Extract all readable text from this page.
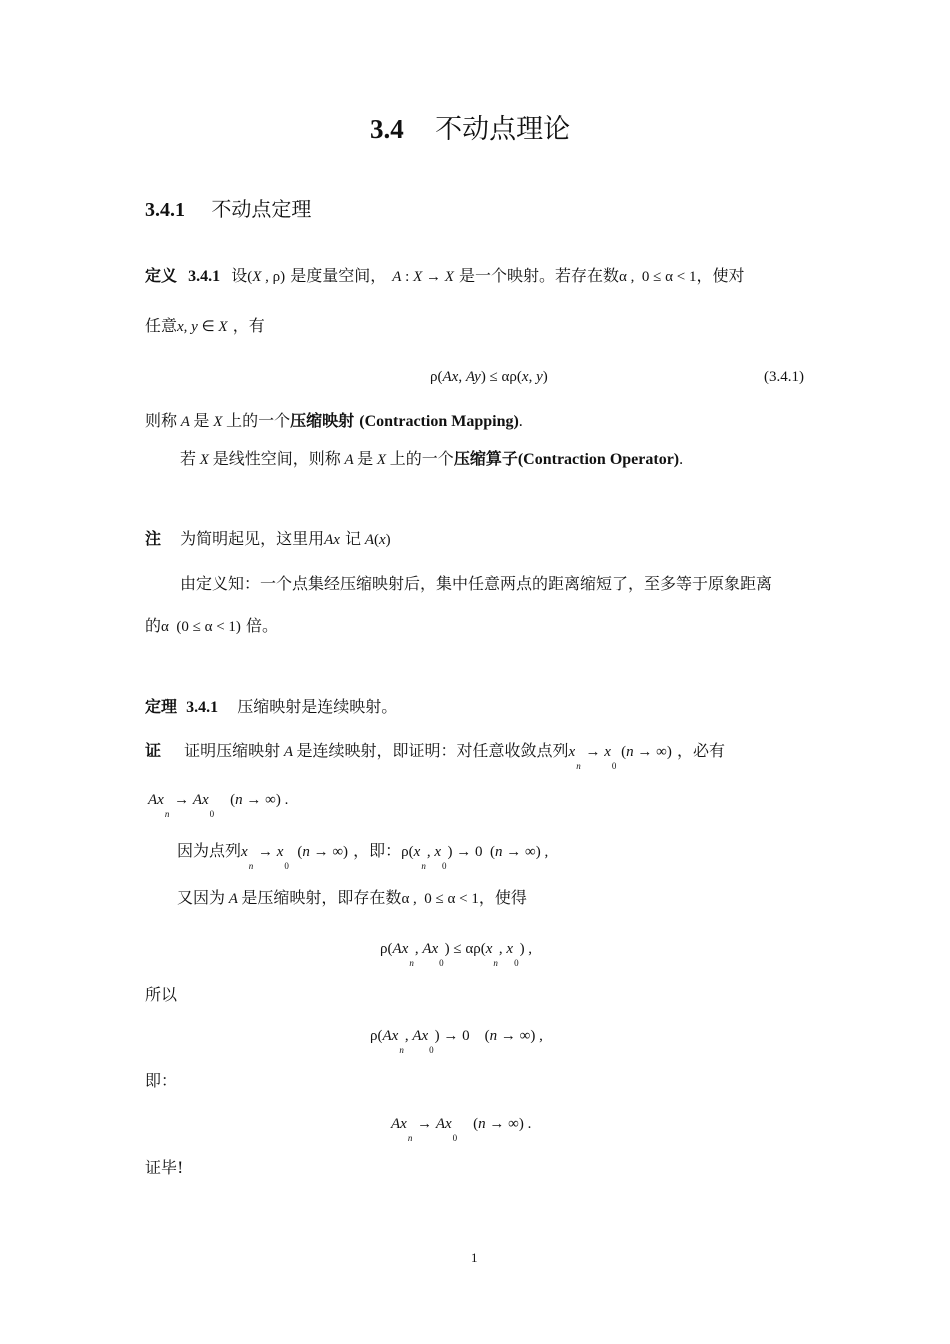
3.4 不动点理论
3.4.1 不动点定理
定义 3.4.1 设(X , ρ) 是度量空间， A : X → X 是一个映射。若存在数α ,  0 ≤ α < 1，使对
任意x, y ∈ X ，有
ρ(Ax, Ay) ≤ αρ(x, y)	(3.4.1)
则称 A 是 X 上的一个压缩映射 (Contraction Mapping).
若 X 是线性空间，则称 A 是 X 上的一个压缩算子(Contraction Operator).
注 为简明起见，这里用Ax 记 A(x)
由定义知：一个点集经压缩映射后，集中任意两点的距离缩短了，至多等于原象距离
的α  (0 ≤ α < 1) 倍。
定理 3.4.1 压缩映射是连续映射。
证 证明压缩映射 A 是连续映射，即证明：对任意收敛点列$x_n \to x_0$ (n → ∞) ，必有
$Ax_n \to Ax_0$    (n → ∞) .
因为点列$x_n \to x_0$  (n → ∞) ，即：$\rho(x_n$, $x_0) \to 0$  (n → ∞) ,
又因为 A 是压缩映射，即存在数α ,  0 ≤ α < 1，使得
$\rho(Ax_n$, $Ax_0) \le \alpha\rho(x_n$, $x_0$) ,
所以
$\rho(Ax_n$, $Ax_0) \to 0$    (n → ∞) ,
即：
$Ax_n \to Ax_0$    (n → ∞) .
证毕!
1
